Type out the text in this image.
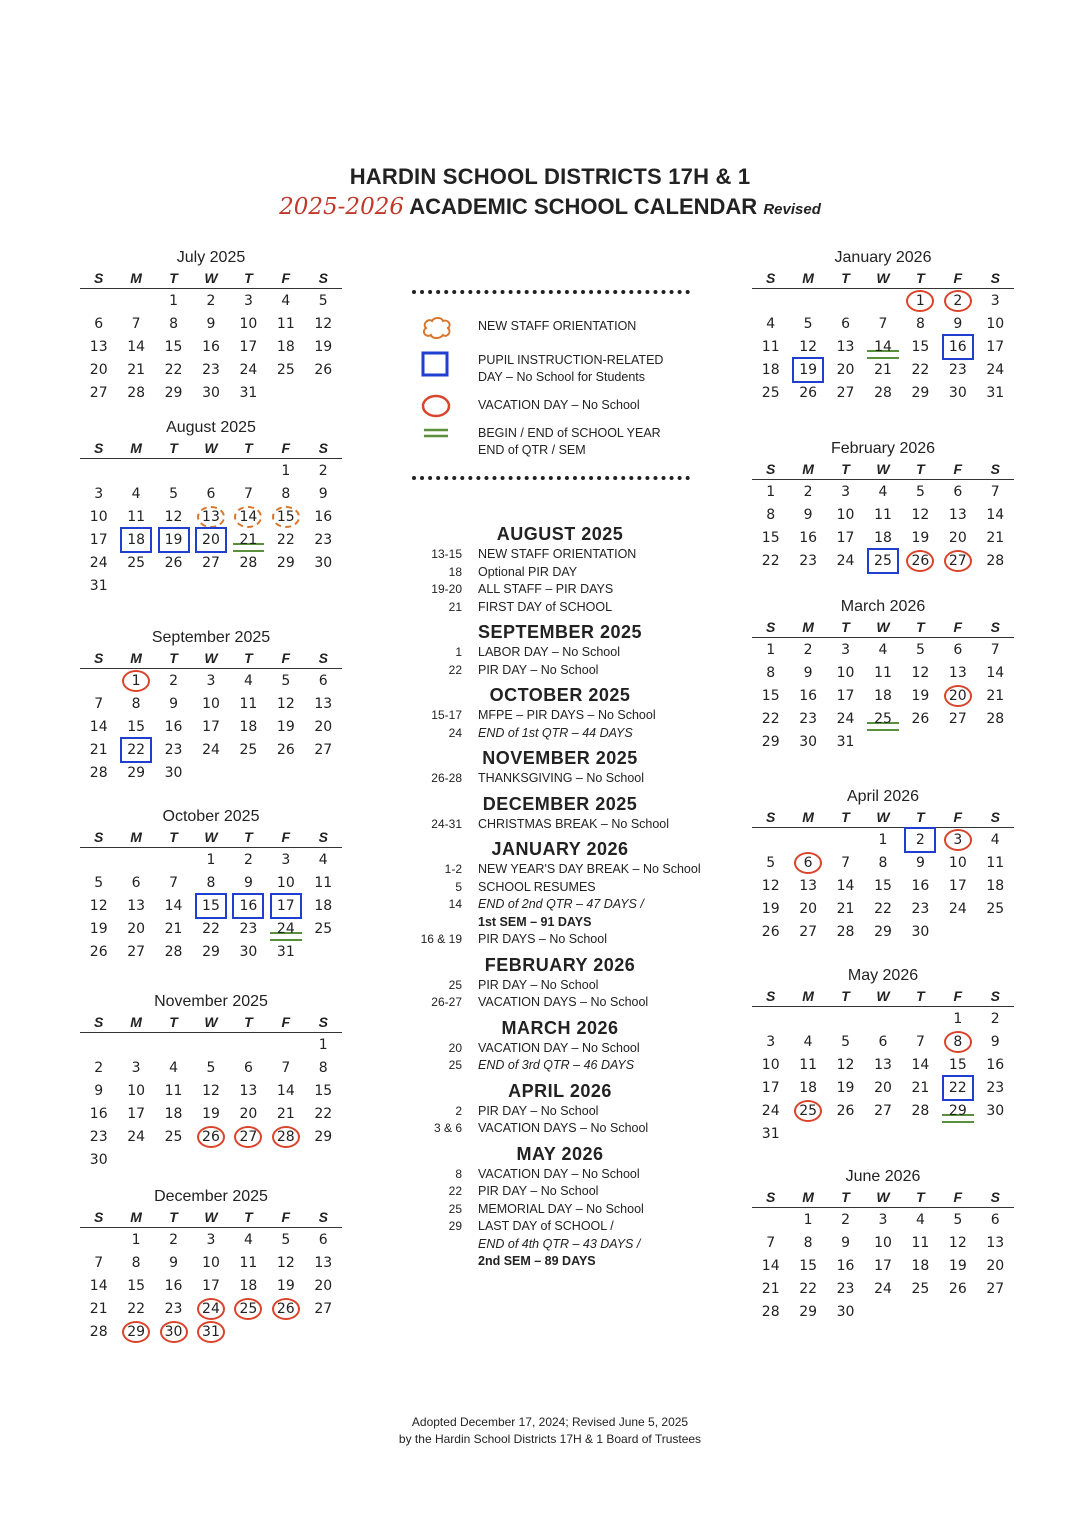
HARDIN SCHOOL DISTRICTS 17H & 1
2025-2026 ACADEMIC SCHOOL CALENDAR Revised
July 2025
S	M	T	W	T	F	S
		1	2	3	4	5
6	7	8	9	10	11	12
13	14	15	16	17	18	19
20	21	22	23	24	25	26
27	28	29	30	31		
August 2025
S	M	T	W	T	F	S
					1	2
3	4	5	6	7	8	9
10	11	12	13	14	15	16
17	18	19	20	21	22	23
24	25	26	27	28	29	30
31						
September 2025
S	M	T	W	T	F	S
	1	2	3	4	5	6
7	8	9	10	11	12	13
14	15	16	17	18	19	20
21	22	23	24	25	26	27
28	29	30				
October 2025
S	M	T	W	T	F	S
			1	2	3	4
5	6	7	8	9	10	11
12	13	14	15	16	17	18
19	20	21	22	23	24	25
26	27	28	29	30	31	
November 2025
S	M	T	W	T	F	S
						1
2	3	4	5	6	7	8
9	10	11	12	13	14	15
16	17	18	19	20	21	22
23	24	25	26	27	28	29
30						
December 2025
S	M	T	W	T	F	S
	1	2	3	4	5	6
7	8	9	10	11	12	13
14	15	16	17	18	19	20
21	22	23	24	25	26	27
28	29	30	31			
January 2026
S	M	T	W	T	F	S
				1	2	3
4	5	6	7	8	9	10
11	12	13	14	15	16	17
18	19	20	21	22	23	24
25	26	27	28	29	30	31
February 2026
S	M	T	W	T	F	S
1	2	3	4	5	6	7
8	9	10	11	12	13	14
15	16	17	18	19	20	21
22	23	24	25	26	27	28
March 2026
S	M	T	W	T	F	S
1	2	3	4	5	6	7
8	9	10	11	12	13	14
15	16	17	18	19	20	21
22	23	24	25	26	27	28
29	30	31				
April 2026
S	M	T	W	T	F	S
			1	2	3	4
5	6	7	8	9	10	11
12	13	14	15	16	17	18
19	20	21	22	23	24	25
26	27	28	29	30		
May 2026
S	M	T	W	T	F	S
					1	2
3	4	5	6	7	8	9
10	11	12	13	14	15	16
17	18	19	20	21	22	23
24	25	26	27	28	29	30
31						
June 2026
S	M	T	W	T	F	S
	1	2	3	4	5	6
7	8	9	10	11	12	13
14	15	16	17	18	19	20
21	22	23	24	25	26	27
28	29	30				
NEW STAFF ORIENTATION
PUPIL INSTRUCTION-RELATED
DAY – No School for Students
VACATION DAY – No School
BEGIN / END of SCHOOL YEAR
END of QTR / SEM
AUGUST 2025
13-15 NEW STAFF ORIENTATION
18 Optional PIR DAY
19-20 ALL STAFF – PIR DAYS
21 FIRST DAY of SCHOOL
SEPTEMBER 2025
1 LABOR DAY – No School
22 PIR DAY – No School
OCTOBER 2025
15-17 MFPE – PIR DAYS – No School
24 END of 1st QTR – 44 DAYS
NOVEMBER 2025
26-28 THANKSGIVING – No School
DECEMBER 2025
24-31 CHRISTMAS BREAK – No School
JANUARY 2026
1-2 NEW YEAR'S DAY BREAK – No School
5 SCHOOL RESUMES
14 END of 2nd QTR – 47 DAYS /
1st SEM – 91 DAYS
16 & 19 PIR DAYS – No School
FEBRUARY 2026
25 PIR DAY – No School
26-27 VACATION DAYS – No School
MARCH 2026
20 VACATION DAY – No School
25 END of 3rd QTR – 46 DAYS
APRIL 2026
2 PIR DAY – No School
3 & 6 VACATION DAYS – No School
MAY 2026
8 VACATION DAY – No School
22 PIR DAY – No School
25 MEMORIAL DAY – No School
29 LAST DAY of SCHOOL /
END of 4th QTR – 43 DAYS /
2nd SEM – 89 DAYS
Adopted December 17, 2024; Revised June 5, 2025
by the Hardin School Districts 17H & 1 Board of Trustees
